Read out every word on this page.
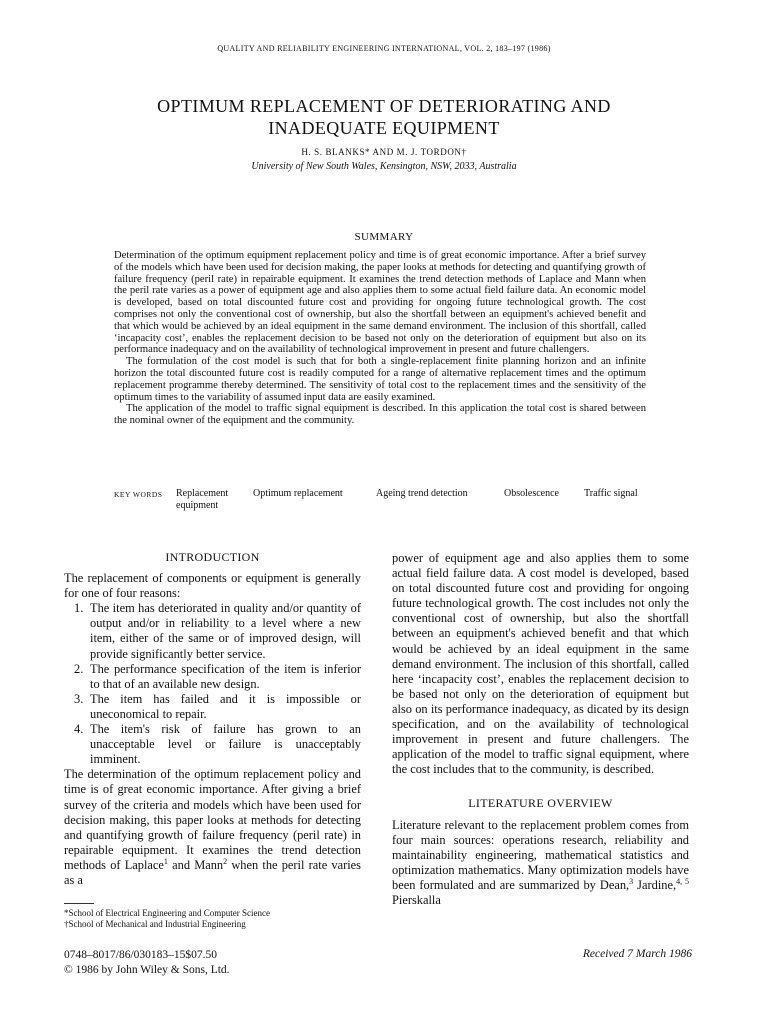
QUALITY AND RELIABILITY ENGINEERING INTERNATIONAL, VOL. 2, 183–197 (1986)
OPTIMUM REPLACEMENT OF DETERIORATING AND INADEQUATE EQUIPMENT
H. S. BLANKS* AND M. J. TORDON†
University of New South Wales, Kensington, NSW, 2033, Australia
SUMMARY

Determination of the optimum equipment replacement policy and time is of great economic importance. After a brief survey of the models which have been used for decision making, the paper looks at methods for detecting and quantifying growth of failure frequency (peril rate) in repairable equipment. It examines the trend detection methods of Laplace and Mann when the peril rate varies as a power of equipment age and also applies them to some actual field failure data. An economic model is developed, based on total discounted future cost and providing for ongoing future technological growth. The cost comprises not only the conventional cost of ownership, but also the shortfall between an equipment's achieved benefit and that which would be achieved by an ideal equipment in the same demand environment. The inclusion of this shortfall, called ‘incapacity cost’, enables the replacement decision to be based not only on the deterioration of equipment but also on its performance inadequacy and on the availability of technological improvement in present and future challengers.

The formulation of the cost model is such that for both a single-replacement finite planning horizon and an infinite horizon the total discounted future cost is readily computed for a range of alternative replacement times and the optimum replacement programme thereby determined. The sensitivity of total cost to the replacement times and the sensitivity of the optimum times to the variability of assumed input data are easily examined.

The application of the model to traffic signal equipment is described. In this application the total cost is shared between the nominal owner of the equipment and the community.

KEY WORDS Replacement
equipment
Optimum replacement	Ageing trend detection	Obsolescence	Traffic signal
INTRODUCTION

The replacement of components or equipment is generally for one of four reasons:

1. The item has deteriorated in quality and/or quantity of output and/or in reliability to a level where a new item, either of the same or of improved design, will provide significantly better service.
2. The performance specification of the item is inferior to that of an available new design.
3. The item has failed and it is impossible or uneconomical to repair.
4. The item's risk of failure has grown to an unacceptable level or failure is unacceptably imminent.

The determination of the optimum replacement policy and time is of great economic importance. After giving a brief survey of the criteria and models which have been used for decision making, this paper looks at methods for detecting and quantifying growth of failure frequency (peril rate) in repairable equipment. It examines the trend detection methods of Laplace$^1$ and Mann$^2$ when the peril rate varies as a

power of equipment age and also applies them to some actual field failure data. A cost model is developed, based on total discounted future cost and providing for ongoing future technological growth. The cost includes not only the conventional cost of ownership, but also the shortfall between an equipment's achieved benefit and that which would be achieved by an ideal equipment in the same demand environment. The inclusion of this shortfall, called here ‘incapacity cost’, enables the replacement decision to be based not only on the deterioration of equipment but also on its performance inadequacy, as dicated by its design specification, and on the availability of technological improvement in present and future challengers. The application of the model to traffic signal equipment, where the cost includes that to the community, is described.

LITERATURE OVERVIEW

Literature relevant to the replacement problem comes from four main sources: operations research, reliability and maintainability engineering, mathematical statistics and optimization mathematics. Many optimization models have been formulated and are summarized by Dean,$^3$ Jardine,$^{4, 5}$ Pierskalla

*School of Electrical Engineering and Computer Science
†School of Mechanical and Industrial Engineering
0748–8017/86/030183–15$07.50
© 1986 by John Wiley & Sons, Ltd.
Received 7 March 1986
